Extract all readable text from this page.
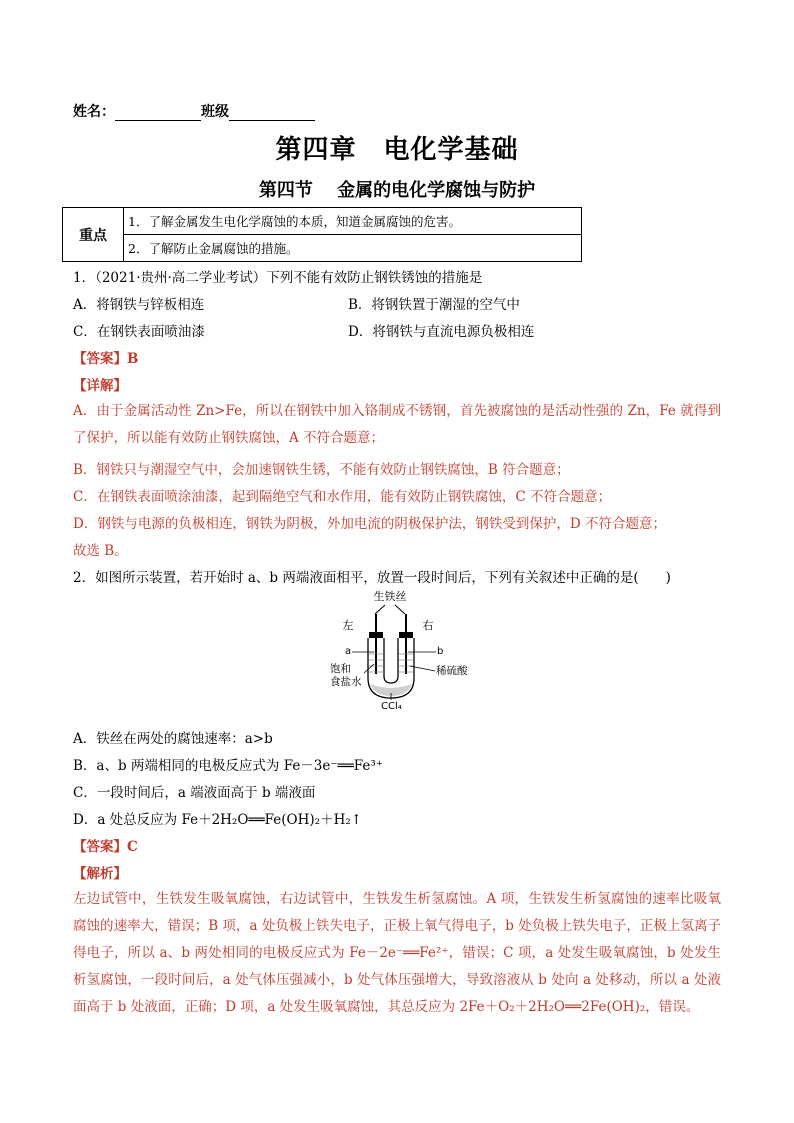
姓名：	班级
第四章　电化学基础
第四节　 金属的电化学腐蚀与防护
重点	1．了解金属发生电化学腐蚀的本质，知道金属腐蚀的危害。
2．了解防止金属腐蚀的措施。
1．（2021·贵州·高二学业考试）下列不能有效防止钢铁锈蚀的措施是
A．将钢铁与锌板相连	B．将钢铁置于潮湿的空气中
C．在钢铁表面喷油漆	D．将钢铁与直流电源负极相连
【答案】B
【详解】
A．由于金属活动性 Zn>Fe，所以在钢铁中加入铬制成不锈钢，首先被腐蚀的是活动性强的 Zn，Fe 就得到了保护，所以能有效防止钢铁腐蚀，A 不符合题意；
B．钢铁只与潮湿空气中，会加速钢铁生锈，不能有效防止钢铁腐蚀，B 符合题意；
C．在钢铁表面喷涂油漆，起到隔绝空气和水作用，能有效防止钢铁腐蚀，C 不符合题意；
D．钢铁与电源的负极相连，钢铁为阴极，外加电流的阴极保护法，钢铁受到保护，D 不符合题意；
故选 B。
2．如图所示装置，若开始时 a、b 两端液面相平，放置一段时间后，下列有关叙述中正确的是(　　)
生铁丝
左	右
a	b
饱和
食盐水
稀硫酸
CCl₄
A．铁丝在两处的腐蚀速率：a>b
B．a、b 两端相同的电极反应式为 Fe－3e⁻══Fe³⁺
C．一段时间后，a 端液面高于 b 端液面
D．a 处总反应为 Fe＋2H₂O══Fe(OH)₂＋H₂↑
【答案】C
【解析】
左边试管中，生铁发生吸氧腐蚀，右边试管中，生铁发生析氢腐蚀。A 项，生铁发生析氢腐蚀的速率比吸氧腐蚀的速率大，错误；B 项，a 处负极上铁失电子，正极上氧气得电子，b 处负极上铁失电子，正极上氢离子得电子，所以 a、b 两处相同的电极反应式为 Fe－2e⁻══Fe²⁺，错误；C 项，a 处发生吸氧腐蚀，b 处发生析氢腐蚀，一段时间后，a 处气体压强减小，b 处气体压强增大，导致溶液从 b 处向 a 处移动，所以 a 处液面高于 b 处液面，正确；D 项，a 处发生吸氧腐蚀，其总反应为 2Fe＋O₂＋2H₂O══2Fe(OH)₂，错误。
